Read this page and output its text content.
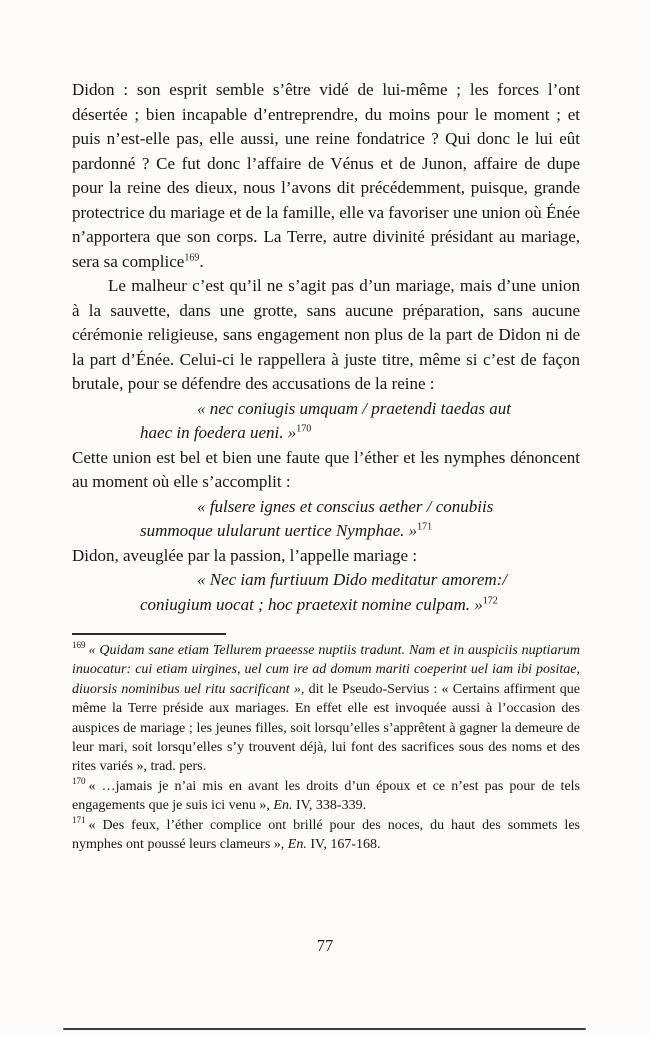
Didon : son esprit semble s’être vidé de lui-même ; les forces l’ont désertée ; bien incapable d’entreprendre, du moins pour le moment ; et puis n’est-elle pas, elle aussi, une reine fondatrice ? Qui donc le lui eût pardonné ? Ce fut donc l’affaire de Vénus et de Junon, affaire de dupe pour la reine des dieux, nous l’avons dit précédemment, puisque, grande protectrice du mariage et de la famille, elle va favoriser une union où Énée n’apportera que son corps. La Terre, autre divinité présidant au mariage, sera sa complice$^{169}$.

Le malheur c’est qu’il ne s’agit pas d’un mariage, mais d’une union à la sauvette, dans une grotte, sans aucune préparation, sans aucune cérémonie religieuse, sans engagement non plus de la part de Didon ni de la part d’Énée. Celui-ci le rappellera à juste titre, même si c’est de façon brutale, pour se défendre des accusations de la reine :

« nec coniugis umquam / praetendi taedas aut
haec in foedera ueni. »$^{170}$

Cette union est bel et bien une faute que l’éther et les nymphes dénoncent au moment où elle s’accomplit :

« fulsere ignes et conscius aether / conubiis
summoque ulularunt uertice Nymphae. »$^{171}$

Didon, aveuglée par la passion, l’appelle mariage :

« Nec iam furtiuum Dido meditatur amorem:/
coniugium uocat ; hoc praetexit nomine culpam. »$^{172}$

$^{169}$ « Quidam sane etiam Tellurem praeesse nuptiis tradunt. Nam et in auspiciis nuptiarum inuocatur: cui etiam uirgines, uel cum ire ad domum mariti coeperint uel iam ibi positae, diuorsis nominibus uel ritu sacrificant », dit le Pseudo-Servius : « Certains affirment que même la Terre préside aux mariages. En effet elle est invoquée aussi à l’occasion des auspices de mariage ; les jeunes filles, soit lorsqu’elles s’apprêtent à gagner la demeure de leur mari, soit lorsqu’elles s’y trouvent déjà, lui font des sacrifices sous des noms et des rites variés », trad. pers.

$^{170}$ « …jamais je n’ai mis en avant les droits d’un époux et ce n’est pas pour de tels engagements que je suis ici venu », En. IV, 338-339.

$^{171}$ « Des feux, l’éther complice ont brillé pour des noces, du haut des sommets les nymphes ont poussé leurs clameurs », En. IV, 167-168.

77
